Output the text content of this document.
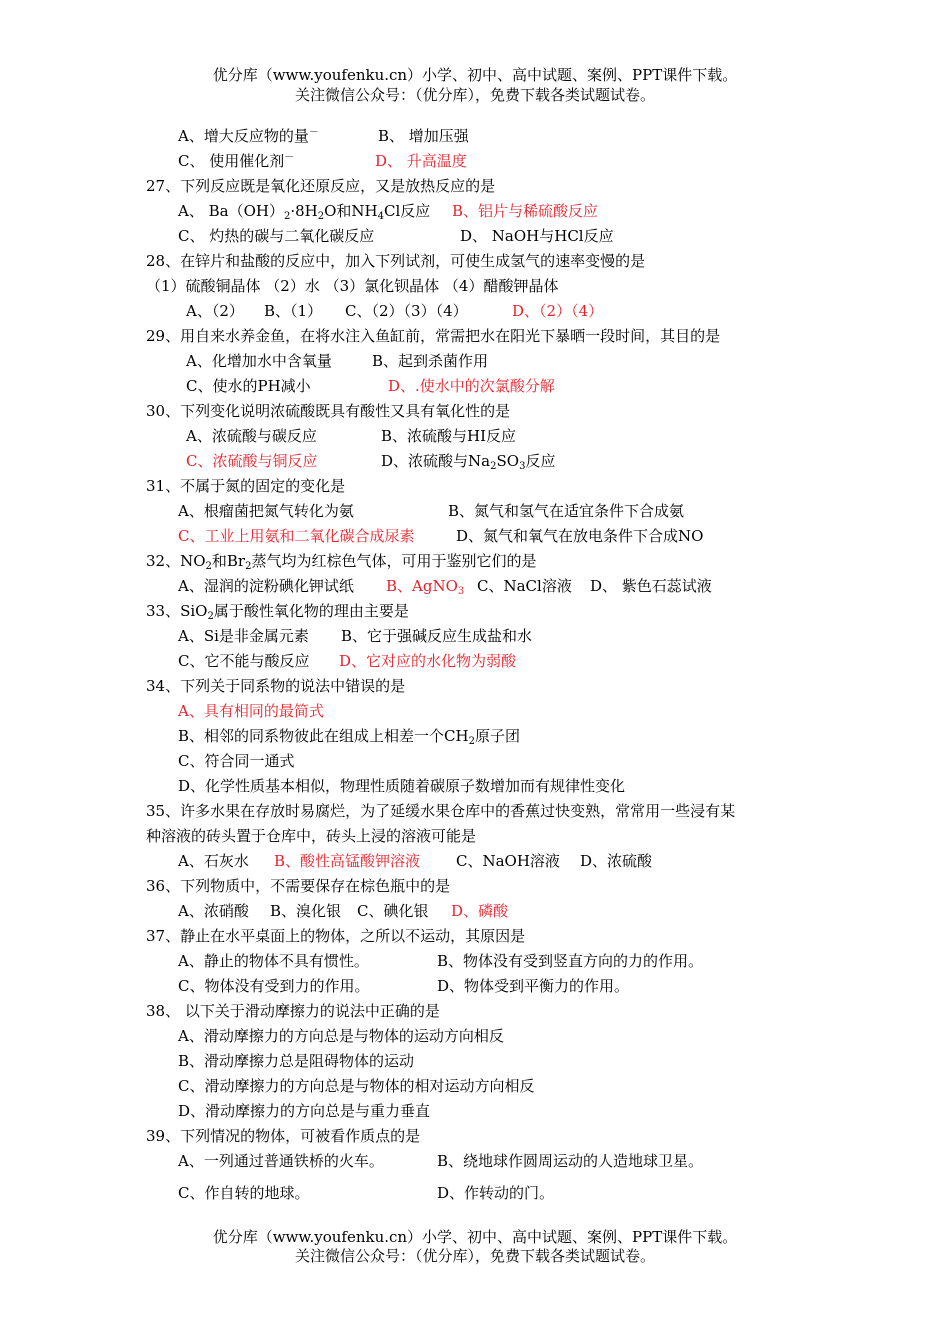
优分库（www.youfenku.cn）小学、初中、高中试题、案例、PPT课件下载。
关注微信公众号：（优分库），免费下载各类试题试卷。
A、增大反应物的量－	B、 增加压强
C、 使用催化剂－	D、 升高温度
27、下列反应既是氧化还原反应，又是放热反应的是
A、 $Ba(OH)_2\cdot 8H_2O$和$NH_4Cl$反应 B、铝片与稀硫酸反应
C、 灼热的碳与二氧化碳反应	D、 NaOH与HCl反应
28、在锌片和盐酸的反应中，加入下列试剂，可使生成氢气的速率变慢的是
（1）硫酸铜晶体 （2）水 （3）氯化钡晶体 （4）醋酸钾晶体
A、（2） B、（1） C、（2）（3）（4）	D、（2）（4）
29、用自来水养金鱼，在将水注入鱼缸前，常需把水在阳光下暴晒一段时间，其目的是
A、化增加水中含氧量	B、起到杀菌作用
C、使水的PH减小	D、.使水中的次氯酸分解
30、下列变化说明浓硫酸既具有酸性又具有氧化性的是
A、浓硫酸与碳反应	B、浓硫酸与HI反应
C、浓硫酸与铜反应	D、浓硫酸与$Na_2SO_3$反应
31、不属于氮的固定的变化是
A、根瘤菌把氮气转化为氨	B、氮气和氢气在适宜条件下合成氨
C、工业上用氨和二氧化碳合成尿素	D、氮气和氧气在放电条件下合成NO
32、$NO_2$和$Br_2$蒸气均为红棕色气体，可用于鉴别它们的是
A、湿润的淀粉碘化钾试纸 B、AgNO$_3$ C、NaCl溶液 D、 紫色石蕊试液
33、SiO$_2$属于酸性氧化物的理由主要是
A、Si是非金属元素 B、它于强碱反应生成盐和水
C、它不能与酸反应 D、它对应的水化物为弱酸
34、下列关于同系物的说法中错误的是
A、具有相同的最简式
B、相邻的同系物彼此在组成上相差一个$CH_2$原子团
C、符合同一通式
D、化学性质基本相似，物理性质随着碳原子数增加而有规律性变化
35、许多水果在存放时易腐烂，为了延缓水果仓库中的香蕉过快变熟，常常用一些浸有某
种溶液的砖头置于仓库中，砖头上浸的溶液可能是
A、石灰水 B、酸性高锰酸钾溶液 C、NaOH溶液 D、浓硫酸
36、下列物质中，不需要保存在棕色瓶中的是
A、浓硝酸 B、溴化银 C、碘化银 D、磷酸
37、静止在水平桌面上的物体，之所以不运动，其原因是
A、静止的物体不具有惯性。	B、物体没有受到竖直方向的力的作用。
C、物体没有受到力的作用。	D、物体受到平衡力的作用。
38、 以下关于滑动摩擦力的说法中正确的是
A、滑动摩擦力的方向总是与物体的运动方向相反
B、滑动摩擦力总是阻碍物体的运动
C、滑动摩擦力的方向总是与物体的相对运动方向相反
D、滑动摩擦力的方向总是与重力垂直
39、下列情况的物体，可被看作质点的是
A、一列通过普通铁桥的火车。	B、绕地球作圆周运动的人造地球卫星。
C、作自转的地球。	D、作转动的门。
优分库（www.youfenku.cn）小学、初中、高中试题、案例、PPT课件下载。
关注微信公众号：（优分库），免费下载各类试题试卷。
